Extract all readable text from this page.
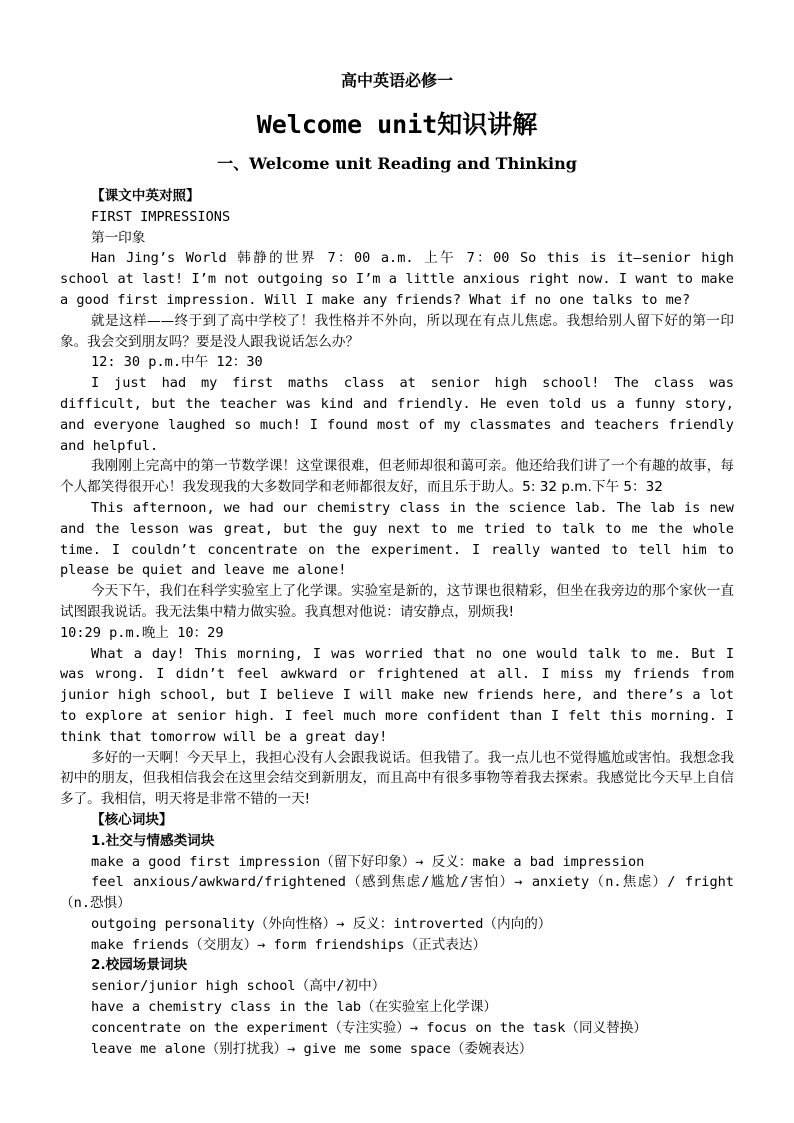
高中英语必修一
Welcome unit知识讲解
一、Welcome unit Reading and Thinking

【课文中英对照】

FIRST IMPRESSIONS

第一印象

Han Jing’s World 韩静的世界 7：00 a.m. 上午 7：00 So this is it—senior high school at last! I’m not outgoing so I’m a little anxious right now. I want to make a good first impression. Will I make any friends? What if no one talks to me?

就是这样——终于到了高中学校了！我性格并不外向，所以现在有点儿焦虑。我想给别人留下好的第一印象。我会交到朋友吗？要是没人跟我说话怎么办？

12: 30 p.m.中午 12：30

I just had my first maths class at senior high school! The class was difficult, but the teacher was kind and friendly. He even told us a funny story, and everyone laughed so much! I found most of my classmates and teachers friendly and helpful.

我刚刚上完高中的第一节数学课！这堂课很难，但老师却很和蔼可亲。他还给我们讲了一个有趣的故事，每个人都笑得很开心！我发现我的大多数同学和老师都很友好，而且乐于助人。5: 32 p.m.下午 5：32

This afternoon, we had our chemistry class in the science lab. The lab is new and the lesson was great, but the guy next to me tried to talk to me the whole time. I couldn’t concentrate on the experiment. I really wanted to tell him to please be quiet and leave me alone!

今天下午，我们在科学实验室上了化学课。实验室是新的，这节课也很精彩，但坐在我旁边的那个家伙一直试图跟我说话。我无法集中精力做实验。我真想对他说：请安静点，别烦我!

10:29 p.m.晚上 10：29

What a day! This morning, I was worried that no one would talk to me. But I was wrong. I didn’t feel awkward or frightened at all. I miss my friends from junior high school, but I believe I will make new friends here, and there’s a lot to explore at senior high. I feel much more confident than I felt this morning. I think that tomorrow will be a great day!

多好的一天啊！今天早上，我担心没有人会跟我说话。但我错了。我一点儿也不觉得尴尬或害怕。我想念我初中的朋友，但我相信我会在这里会结交到新朋友，而且高中有很多事物等着我去探索。我感觉比今天早上自信多了。我相信，明天将是非常不错的一天!

【核心词块】

1.社交与情感类词块

make a good first impression（留下好印象）→ 反义：make a bad impression

feel anxious/awkward/frightened（感到焦虑/尴尬/害怕）→ anxiety（n.焦虑）/ fright（n.恐惧）

outgoing personality（外向性格）→ 反义：introverted（内向的）

make friends（交朋友）→ form friendships（正式表达）

2.校园场景词块

senior/junior high school（高中/初中）

have a chemistry class in the lab（在实验室上化学课）

concentrate on the experiment（专注实验）→ focus on the task（同义替换）

leave me alone（别打扰我）→ give me some space（委婉表达）
